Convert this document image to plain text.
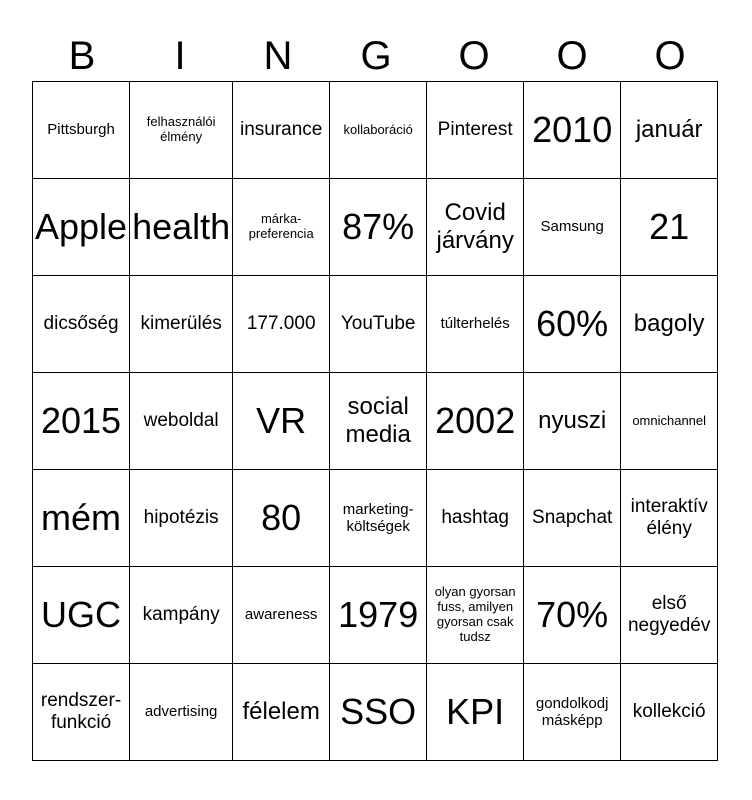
B	I	N	G	O	O	O
Pittsburgh	felhasználói élmény	insurance	kollaboráció	Pinterest	2010	január
Apple	health	márka-preferencia	87%	Covid járvány	Samsung	21
dicsőség	kimerülés	177.000	YouTube	túlterhelés	60%	bagoly
2015	weboldal	VR	social media	2002	nyuszi	omnichannel
mém	hipotézis	80	marketing-költségek	hashtag	Snapchat	interaktív élény
UGC	kampány	awareness	1979	olyan gyorsan fuss, amilyen gyorsan csak tudsz	70%	első negyedév
rendszer-funkció	advertising	félelem	SSO	KPI	gondolkodj másképp	kollekció
